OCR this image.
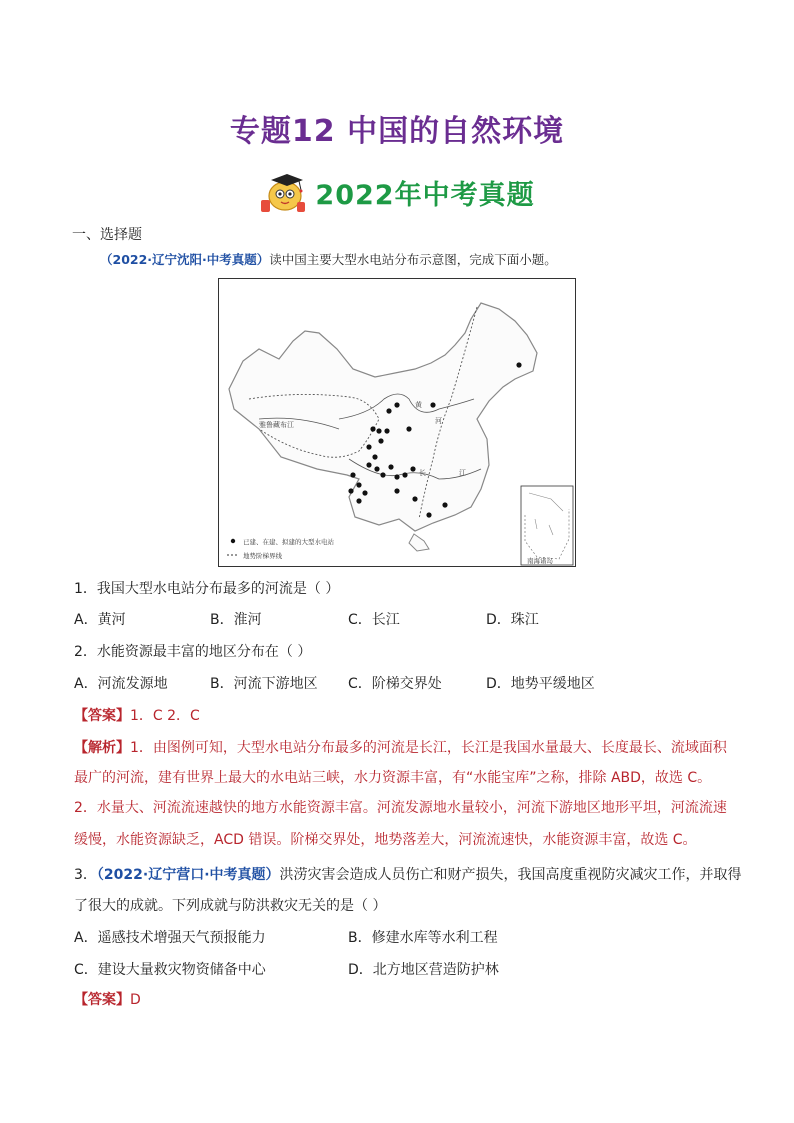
专题12 中国的自然环境
2022年中考真题
一、选择题
（2022·辽宁沈阳·中考真题）读中国主要大型水电站分布示意图，完成下面小题。
雅鲁藏布江
黄
河
长	江
已建、在建、拟建的大型水电站
地势阶梯界线
南海诸岛
1．我国大型水电站分布最多的河流是（ ）
A．黄河	B．淮河	C．长江	D．珠江
2．水能资源最丰富的地区分布在（ ）
A．河流发源地	B．河流下游地区 C．阶梯交界处	D．地势平缓地区
【答案】1．C 2．C
【解析】1．由图例可知，大型水电站分布最多的河流是长江，长江是我国水量最大、长度最长、流域面积
最广的河流，建有世界上最大的水电站三峡，水力资源丰富，有“水能宝库”之称，排除 ABD，故选 C。
2．水量大、河流流速越快的地方水能资源丰富。河流发源地水量较小，河流下游地区地形平坦，河流流速
缓慢，水能资源缺乏，ACD 错误。阶梯交界处，地势落差大，河流流速快，水能资源丰富，故选 C。
3．（2022·辽宁营口·中考真题）洪涝灾害会造成人员伤亡和财产损失，我国高度重视防灾减灾工作，并取得
了很大的成就。下列成就与防洪救灾无关的是（ ）
A．遥感技术增强天气预报能力	B．修建水库等水利工程
C．建设大量救灾物资储备中心	D．北方地区营造防护林
【答案】D
